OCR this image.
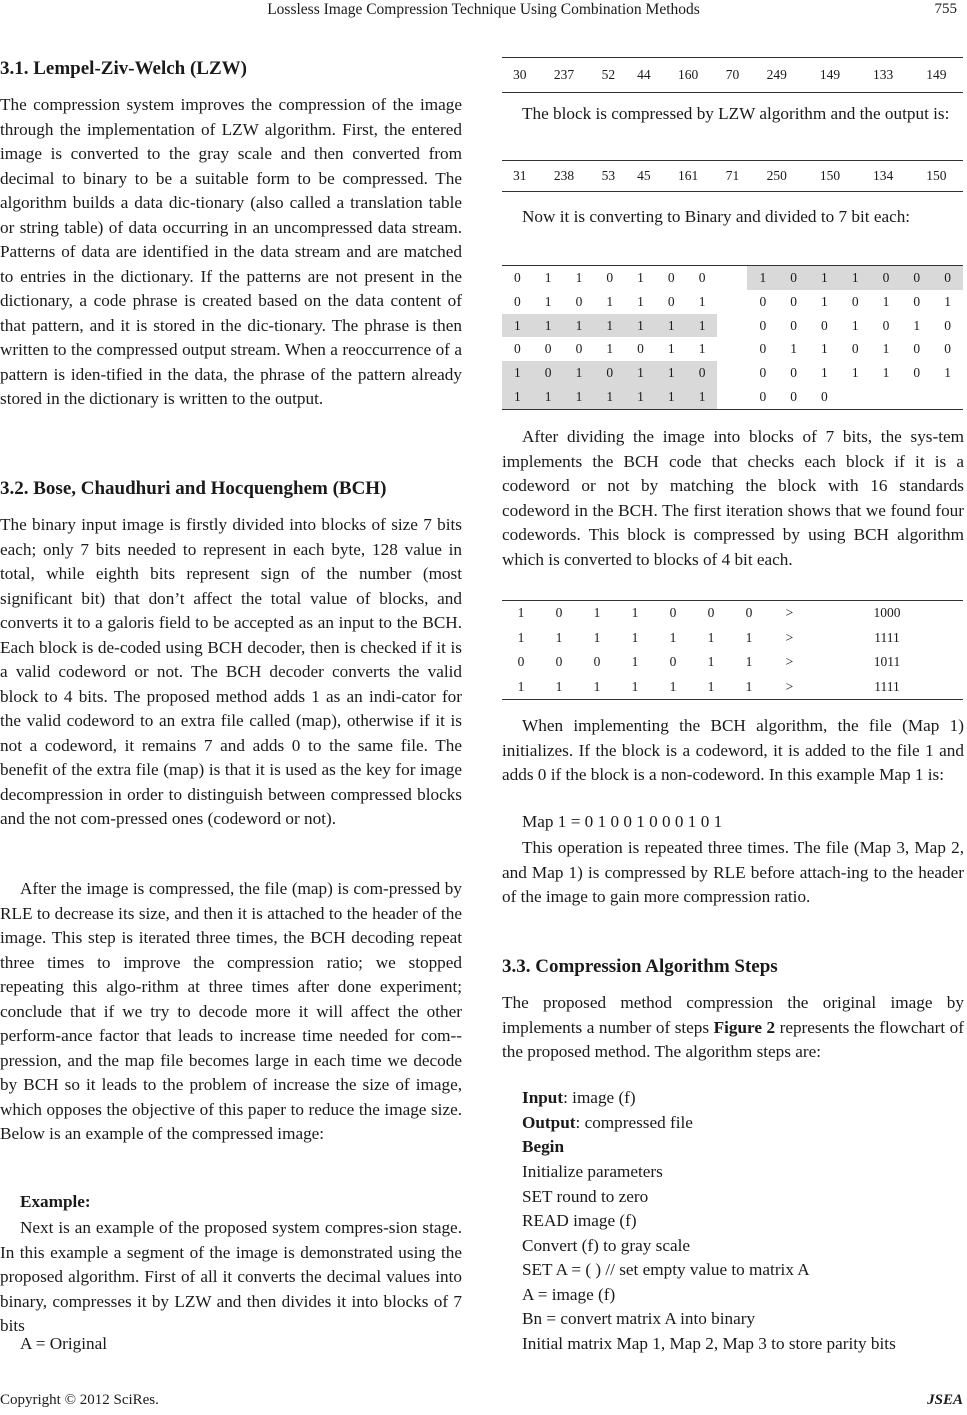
Lossless Image Compression Technique Using Combination Methods	755
3.1. Lempel-Ziv-Welch (LZW)
The compression system improves the compression of the image through the implementation of LZW algorithm. First, the entered image is converted to the gray scale and then converted from decimal to binary to be a suitable form to be compressed. The algorithm builds a data dic-tionary (also called a translation table or string table) of data occurring in an uncompressed data stream. Patterns of data are identified in the data stream and are matched to entries in the dictionary. If the patterns are not present in the dictionary, a code phrase is created based on the data content of that pattern, and it is stored in the dic-tionary. The phrase is then written to the compressed output stream. When a reoccurrence of a pattern is iden-tified in the data, the phrase of the pattern already stored in the dictionary is written to the output.
3.2. Bose, Chaudhuri and Hocquenghem (BCH)
The binary input image is firstly divided into blocks of size 7 bits each; only 7 bits needed to represent in each byte, 128 value in total, while eighth bits represent sign of the number (most significant bit) that don’t affect the total value of blocks, and converts it to a galoris field to be accepted as an input to the BCH. Each block is de-coded using BCH decoder, then is checked if it is a valid codeword or not. The BCH decoder converts the valid block to 4 bits. The proposed method adds 1 as an indi-cator for the valid codeword to an extra file called (map), otherwise if it is not a codeword, it remains 7 and adds 0 to the same file. The benefit of the extra file (map) is that it is used as the key for image decompression in order to distinguish between compressed blocks and the not com-pressed ones (codeword or not).
After the image is compressed, the file (map) is com-pressed by RLE to decrease its size, and then it is attached to the header of the image. This step is iterated three times, the BCH decoding repeat three times to improve the compression ratio; we stopped repeating this algo-rithm at three times after done experiment; conclude that if we try to decode more it will affect the other perform-ance factor that leads to increase time needed for com-pression, and the map file becomes large in each time we decode by BCH so it leads to the problem of increase the size of image, which opposes the objective of this paper to reduce the image size. Below is an example of the compressed image:
Example:
Next is an example of the proposed system compres-sion stage. In this example a segment of the image is demonstrated using the proposed algorithm. First of all it converts the decimal values into binary, compresses it by LZW and then divides it into blocks of 7 bits
A = Original
30	237	52	44	160	70	249	149	133	149
The block is compressed by LZW algorithm and the output is:
31	238	53	45	161	71	250	150	134	150
Now it is converting to Binary and divided to 7 bit each:
0	1	1	0	1	0	0		1	0	1	1	0	0	0
0	1	0	1	1	0	1		0	0	1	0	1	0	1
1	1	1	1	1	1	1		0	0	0	1	0	1	0
0	0	0	1	0	1	1		0	1	1	0	1	0	0
1	0	1	0	1	1	0		0	0	1	1	1	0	1
1	1	1	1	1	1	1		0	0	0				
After dividing the image into blocks of 7 bits, the sys-tem implements the BCH code that checks each block if it is a codeword or not by matching the block with 16 standards codeword in the BCH. The first iteration shows that we found four codewords. This block is compressed by using BCH algorithm which is converted to blocks of 4 bit each.
1	0	1	1	0	0	0	>	1000
1	1	1	1	1	1	1	>	1111
0	0	0	1	0	1	1	>	1011
1	1	1	1	1	1	1	>	1111
When implementing the BCH algorithm, the file (Map 1) initializes. If the block is a codeword, it is added to the file 1 and adds 0 if the block is a non-codeword. In this example Map 1 is:
Map 1 = 0 1 0 0 1 0 0 0 1 0 1
This operation is repeated three times. The file (Map 3, Map 2, and Map 1) is compressed by RLE before attach-ing to the header of the image to gain more compression ratio.
3.3. Compression Algorithm Steps
The proposed method compression the original image by implements a number of steps Figure 2 represents the flowchart of the proposed method. The algorithm steps are:
Input: image (f)
Output: compressed file
Begin
Initialize parameters
SET round to zero
READ image (f)
Convert (f) to gray scale
SET A = ( ) // set empty value to matrix A
A = image (f)
Bn = convert matrix A into binary
Initial matrix Map 1, Map 2, Map 3 to store parity bits
Copyright © 2012 SciRes.	JSEA
